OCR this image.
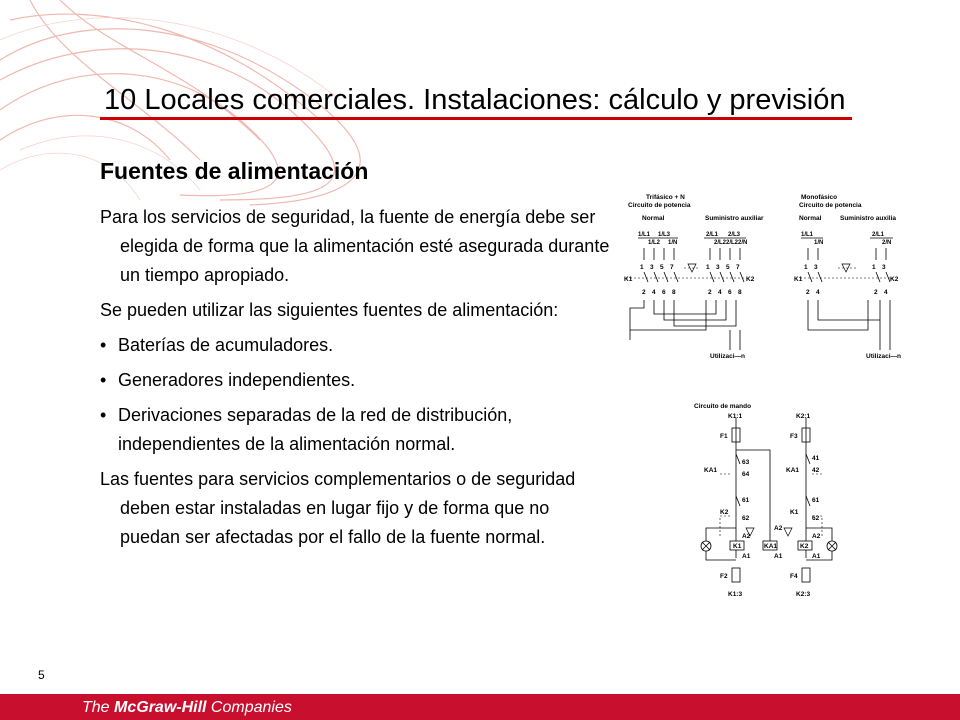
10 Locales comerciales. Instalaciones: cálculo y previsión
Fuentes de alimentación

Para los servicios de seguridad, la fuente de energía debe ser elegida de forma que la alimentación esté asegurada durante un tiempo apropiado.

Se pueden utilizar las siguientes fuentes de alimentación:

• Baterías de acumuladores.

• Generadores independientes.

• Derivaciones separadas de la red de distribución, independientes de la alimentación normal.

Las fuentes para servicios complementarios o de seguridad deben estar instaladas en lugar fijo y de forma que no puedan ser afectadas por el fallo de la fuente normal.

Trifásico + N
Circuito de potencia
Normal	Suministro auxiliar
Monofásico
Circuito de potencia
Normal	Suministro auxilia
1/L1 1/L3
1/L2 1/N
2/L1 2/L3
2/L2 2/L2 2/N
1/L1
1/N
2/L1
2/N
1 3 5 7	1 3 5 7	1 3	1 3
2 4 6 8	2 4 6 8	2 4	2 4
K1	K2	K1	K2
Utilizaci—n	Utilizaci—n
Circuito de mando
K1:1	K2:1
F1	F3
KA1	KA1
63
64
41
42
K2	K1
61
62
61
62
A2
A2
A2
K1	KA1	K2
A1	A1	A1
F2	F4
K1:3	K2:3
5
The McGraw-Hill Companies
